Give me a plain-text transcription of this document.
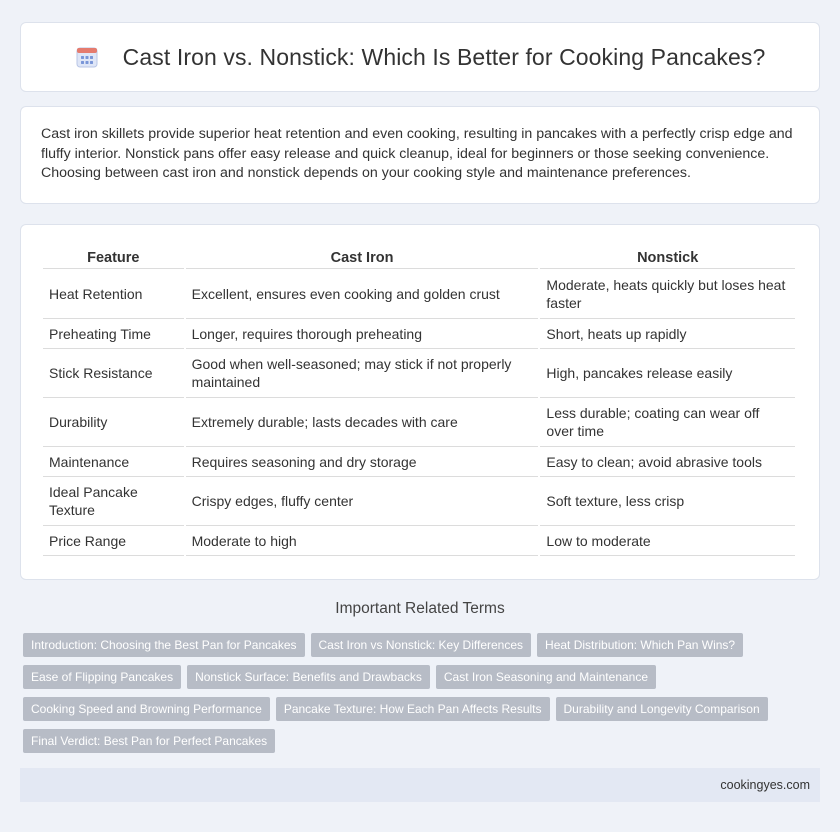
Cast Iron vs. Nonstick: Which Is Better for Cooking Pancakes?

Cast iron skillets provide superior heat retention and even cooking, resulting in pancakes with a perfectly crisp edge and fluffy interior. Nonstick pans offer easy release and quick cleanup, ideal for beginners or those seeking convenience. Choosing between cast iron and nonstick depends on your cooking style and maintenance preferences.

Feature	Cast Iron	Nonstick
Heat Retention	Excellent, ensures even cooking and golden crust	Moderate, heats quickly but loses heat faster
Preheating Time	Longer, requires thorough preheating	Short, heats up rapidly
Stick Resistance	Good when well-seasoned; may stick if not properly maintained	High, pancakes release easily
Durability	Extremely durable; lasts decades with care	Less durable; coating can wear off over time
Maintenance	Requires seasoning and dry storage	Easy to clean; avoid abrasive tools
Ideal Pancake Texture	Crispy edges, fluffy center	Soft texture, less crisp
Price Range	Moderate to high	Low to moderate
Important Related Terms
Introduction: Choosing the Best Pan for Pancakes	Cast Iron vs Nonstick: Key Differences	Heat Distribution: Which Pan Wins?
Ease of Flipping Pancakes	Nonstick Surface: Benefits and Drawbacks	Cast Iron Seasoning and Maintenance
Cooking Speed and Browning Performance	Pancake Texture: How Each Pan Affects Results	Durability and Longevity Comparison
Final Verdict: Best Pan for Perfect Pancakes
cookingyes.com
